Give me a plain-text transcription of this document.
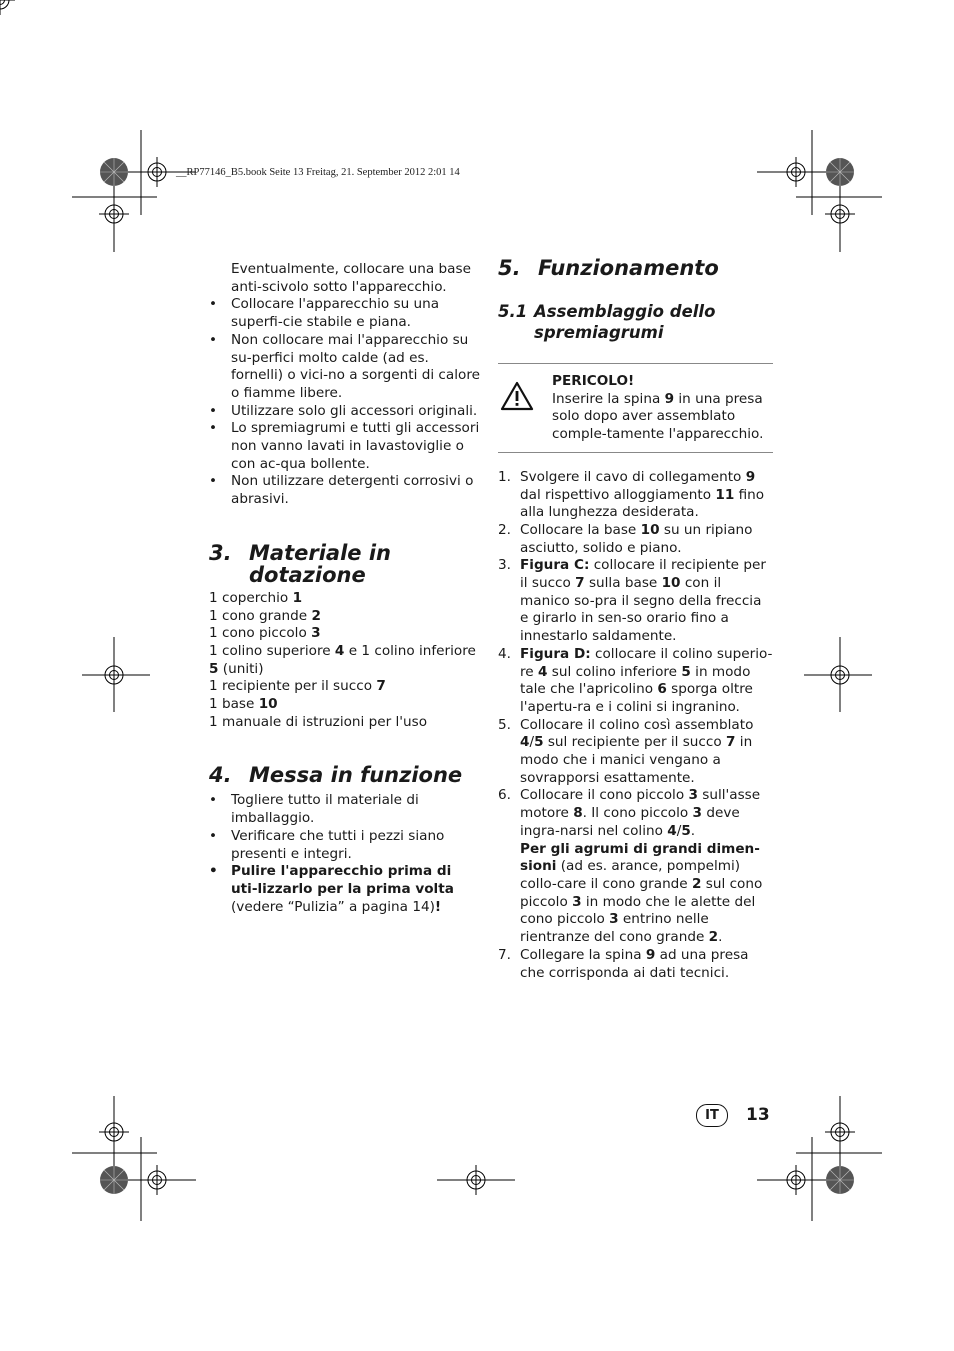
__RP77146_B5.book Seite 13 Freitag, 21. September 2012 2:01 14
Eventualmente, collocare una base anti-scivolo sotto l'apparecchio.
• Collocare l'apparecchio su una superfi-cie stabile e piana.
• Non collocare mai l'apparecchio su su-perfici molto calde (ad es. fornelli) o vici-no a sorgenti di calore o fiamme libere.
• Utilizzare solo gli accessori originali.
• Lo spremiagrumi e tutti gli accessori non vanno lavati in lavastoviglie o con ac-qua bollente.
• Non utilizzare detergenti corrosivi o abrasivi.
3. Materiale in dotazione
1 coperchio 1
1 cono grande 2
1 cono piccolo 3
1 colino superiore 4 e 1 colino inferiore 5 (uniti)
1 recipiente per il succo 7
1 base 10
1 manuale di istruzioni per l'uso
4. Messa in funzione
• Togliere tutto il materiale di imballaggio.
• Verificare che tutti i pezzi siano presenti e integri.
• Pulire l'apparecchio prima di uti-lizzarlo per la prima volta (vedere “Pulizia” a pagina 14)!
5. Funzionamento
5.1 Assemblaggio dello spremiagrumi
PERICOLO!
Inserire la spina 9 in una presa solo dopo aver assemblato comple-tamente l'apparecchio.
1. Svolgere il cavo di collegamento 9 dal rispettivo alloggiamento 11 fino alla lunghezza desiderata.
2. Collocare la base 10 su un ripiano asciutto, solido e piano.
3. Figura C: collocare il recipiente per il succo 7 sulla base 10 con il manico so-pra il segno della freccia e girarlo in sen-so orario fino a innestarlo saldamente.
4. Figura D: collocare il colino superio-re 4 sul colino inferiore 5 in modo tale che l'apricolino 6 sporga oltre l'apertu-ra e i colini si ingranino.
5. Collocare il colino così assemblato 4/5 sul recipiente per il succo 7 in modo che i manici vengano a sovrapporsi esattamente.
6. Collocare il cono piccolo 3 sull'asse motore 8. Il cono piccolo 3 deve ingra-narsi nel colino 4/5.
Per gli agrumi di grandi dimen-sioni (ad es. arance, pompelmi) collo-care il cono grande 2 sul cono piccolo 3 in modo che le alette del cono piccolo 3 entrino nelle rientranze del cono grande 2.
7. Collegare la spina 9 ad una presa che corrisponda ai dati tecnici.
IT	13
